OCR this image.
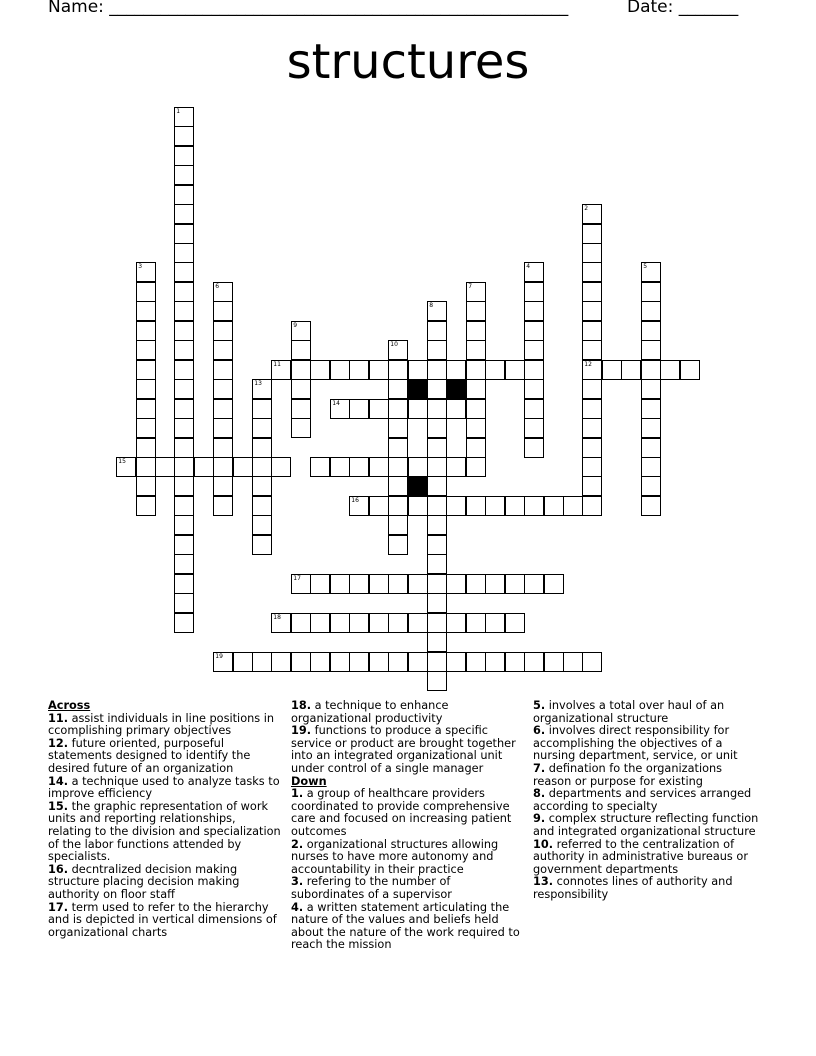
Name: ______________________________________________________	Date: _______
structures
1
2
3	4	5
6	7
8
9
10
11	12
13
14
15
16
17
18
19
Across
11. assist individuals in line positions in ccomplishing primary objectives
12. future oriented, purposeful statements designed to identify the desired future of an organization
14. a technique used to analyze tasks to improve efficiency
15. the graphic representation of work units and reporting relationships, relating to the division and specialization of the labor functions attended by specialists.
16. decntralized decision making structure placing decision making authority on floor staff
17. term used to refer to the hierarchy and is depicted in vertical dimensions of organizational charts
18. a technique to enhance organizational productivity
19. functions to produce a specific service or product are brought together into an integrated organizational unit under control of a single manager
Down
1. a group of healthcare providers coordinated to provide comprehensive care and focused on increasing patient outcomes
2. organizational structures allowing nurses to have more autonomy and accountability in their practice
3. refering to the number of subordinates of a supervisor
4. a written statement articulating the nature of the values and beliefs held about the nature of the work required to reach the mission
5. involves a total over haul of an organizational structure
6. involves direct responsibility for accomplishing the objectives of a nursing department, service, or unit
7. defination fo the organizations reason or purpose for existing
8. departments and services arranged according to specialty
9. complex structure reflecting function and integrated organizational structure
10. referred to the centralization of authority in administrative bureaus or government departments
13. connotes lines of authority and responsibility
